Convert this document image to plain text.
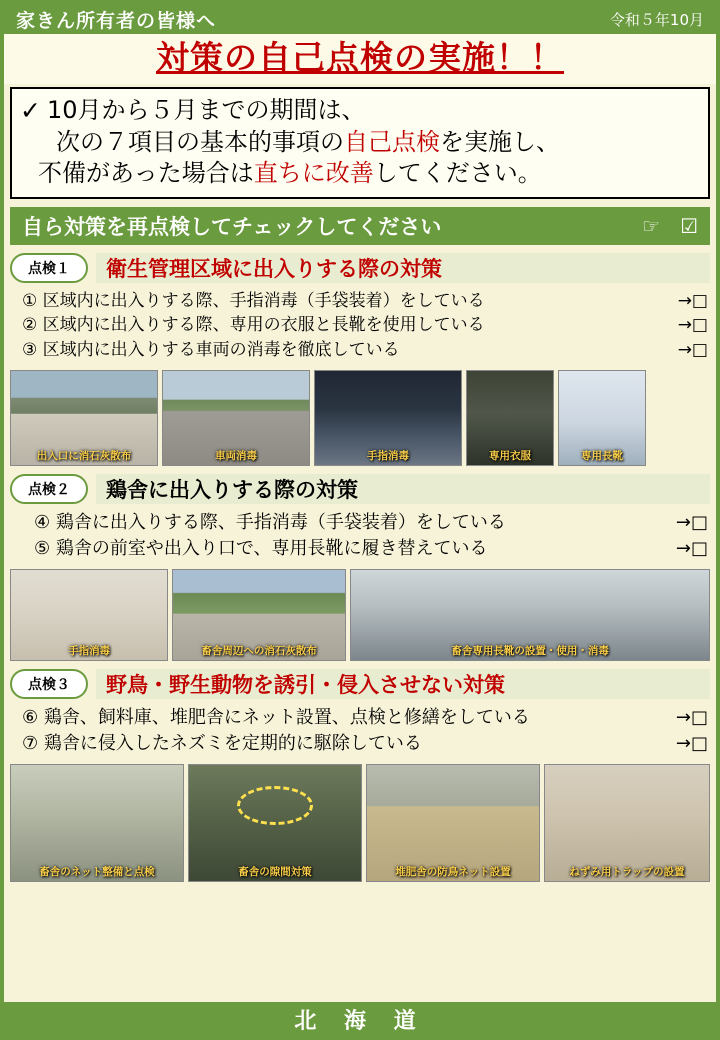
家きん所有者の皆様へ	令和５年10月
対策の自己点検の実施！！
✓ 10月から５月までの期間は、
次の７項目の基本的事項の自己点検を実施し、
不備があった場合は直ちに改善してください。
自ら対策を再点検してチェックしてください	☞	☑
点検１	衛生管理区域に出入りする際の対策
① 区域内に出入りする際、手指消毒（手袋装着）をしている	→□
② 区域内に出入りする際、専用の衣服と長靴を使用している	→□
③ 区域内に出入りする車両の消毒を徹底している	→□
出入口に消石灰散布	車両消毒	手指消毒	専用衣服	専用長靴
点検２	鶏舎に出入りする際の対策
④ 鶏舎に出入りする際、手指消毒（手袋装着）をしている	→□
⑤ 鶏舎の前室や出入り口で、専用長靴に履き替えている	→□
手指消毒	畜舎周辺への消石灰散布	畜舎専用長靴の設置・使用・消毒
点検３	野鳥・野生動物を誘引・侵入させない対策
⑥ 鶏舎、飼料庫、堆肥舎にネット設置、点検と修繕をしている	→□
⑦ 鶏舎に侵入したネズミを定期的に駆除している	→□
畜舎のネット整備と点検	畜舎の隙間対策	堆肥舎の防鳥ネット設置	ねずみ用トラップの設置
北 海 道
